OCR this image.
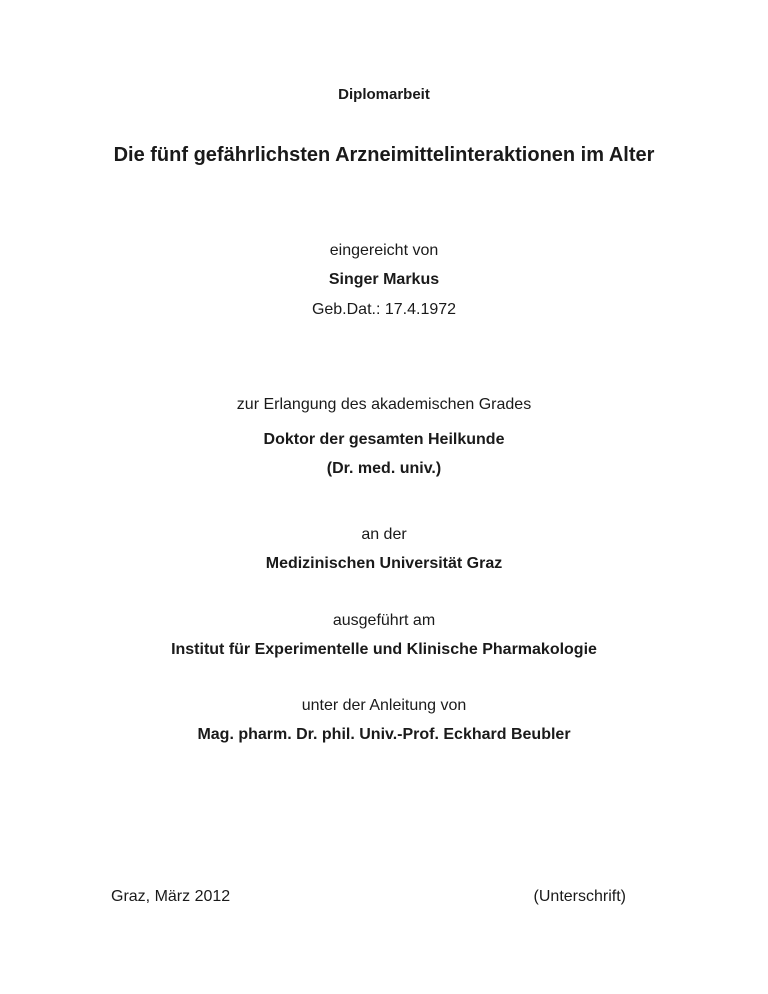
Diplomarbeit
Die fünf gefährlichsten Arzneimittelinteraktionen im Alter
eingereicht von
Singer Markus
Geb.Dat.: 17.4.1972
zur Erlangung des akademischen Grades
Doktor der gesamten Heilkunde
(Dr. med. univ.)
an der
Medizinischen Universität Graz
ausgeführt am
Institut für Experimentelle und Klinische Pharmakologie
unter der Anleitung von
Mag. pharm. Dr. phil. Univ.-Prof. Eckhard Beubler
Graz, März 2012	(Unterschrift)
